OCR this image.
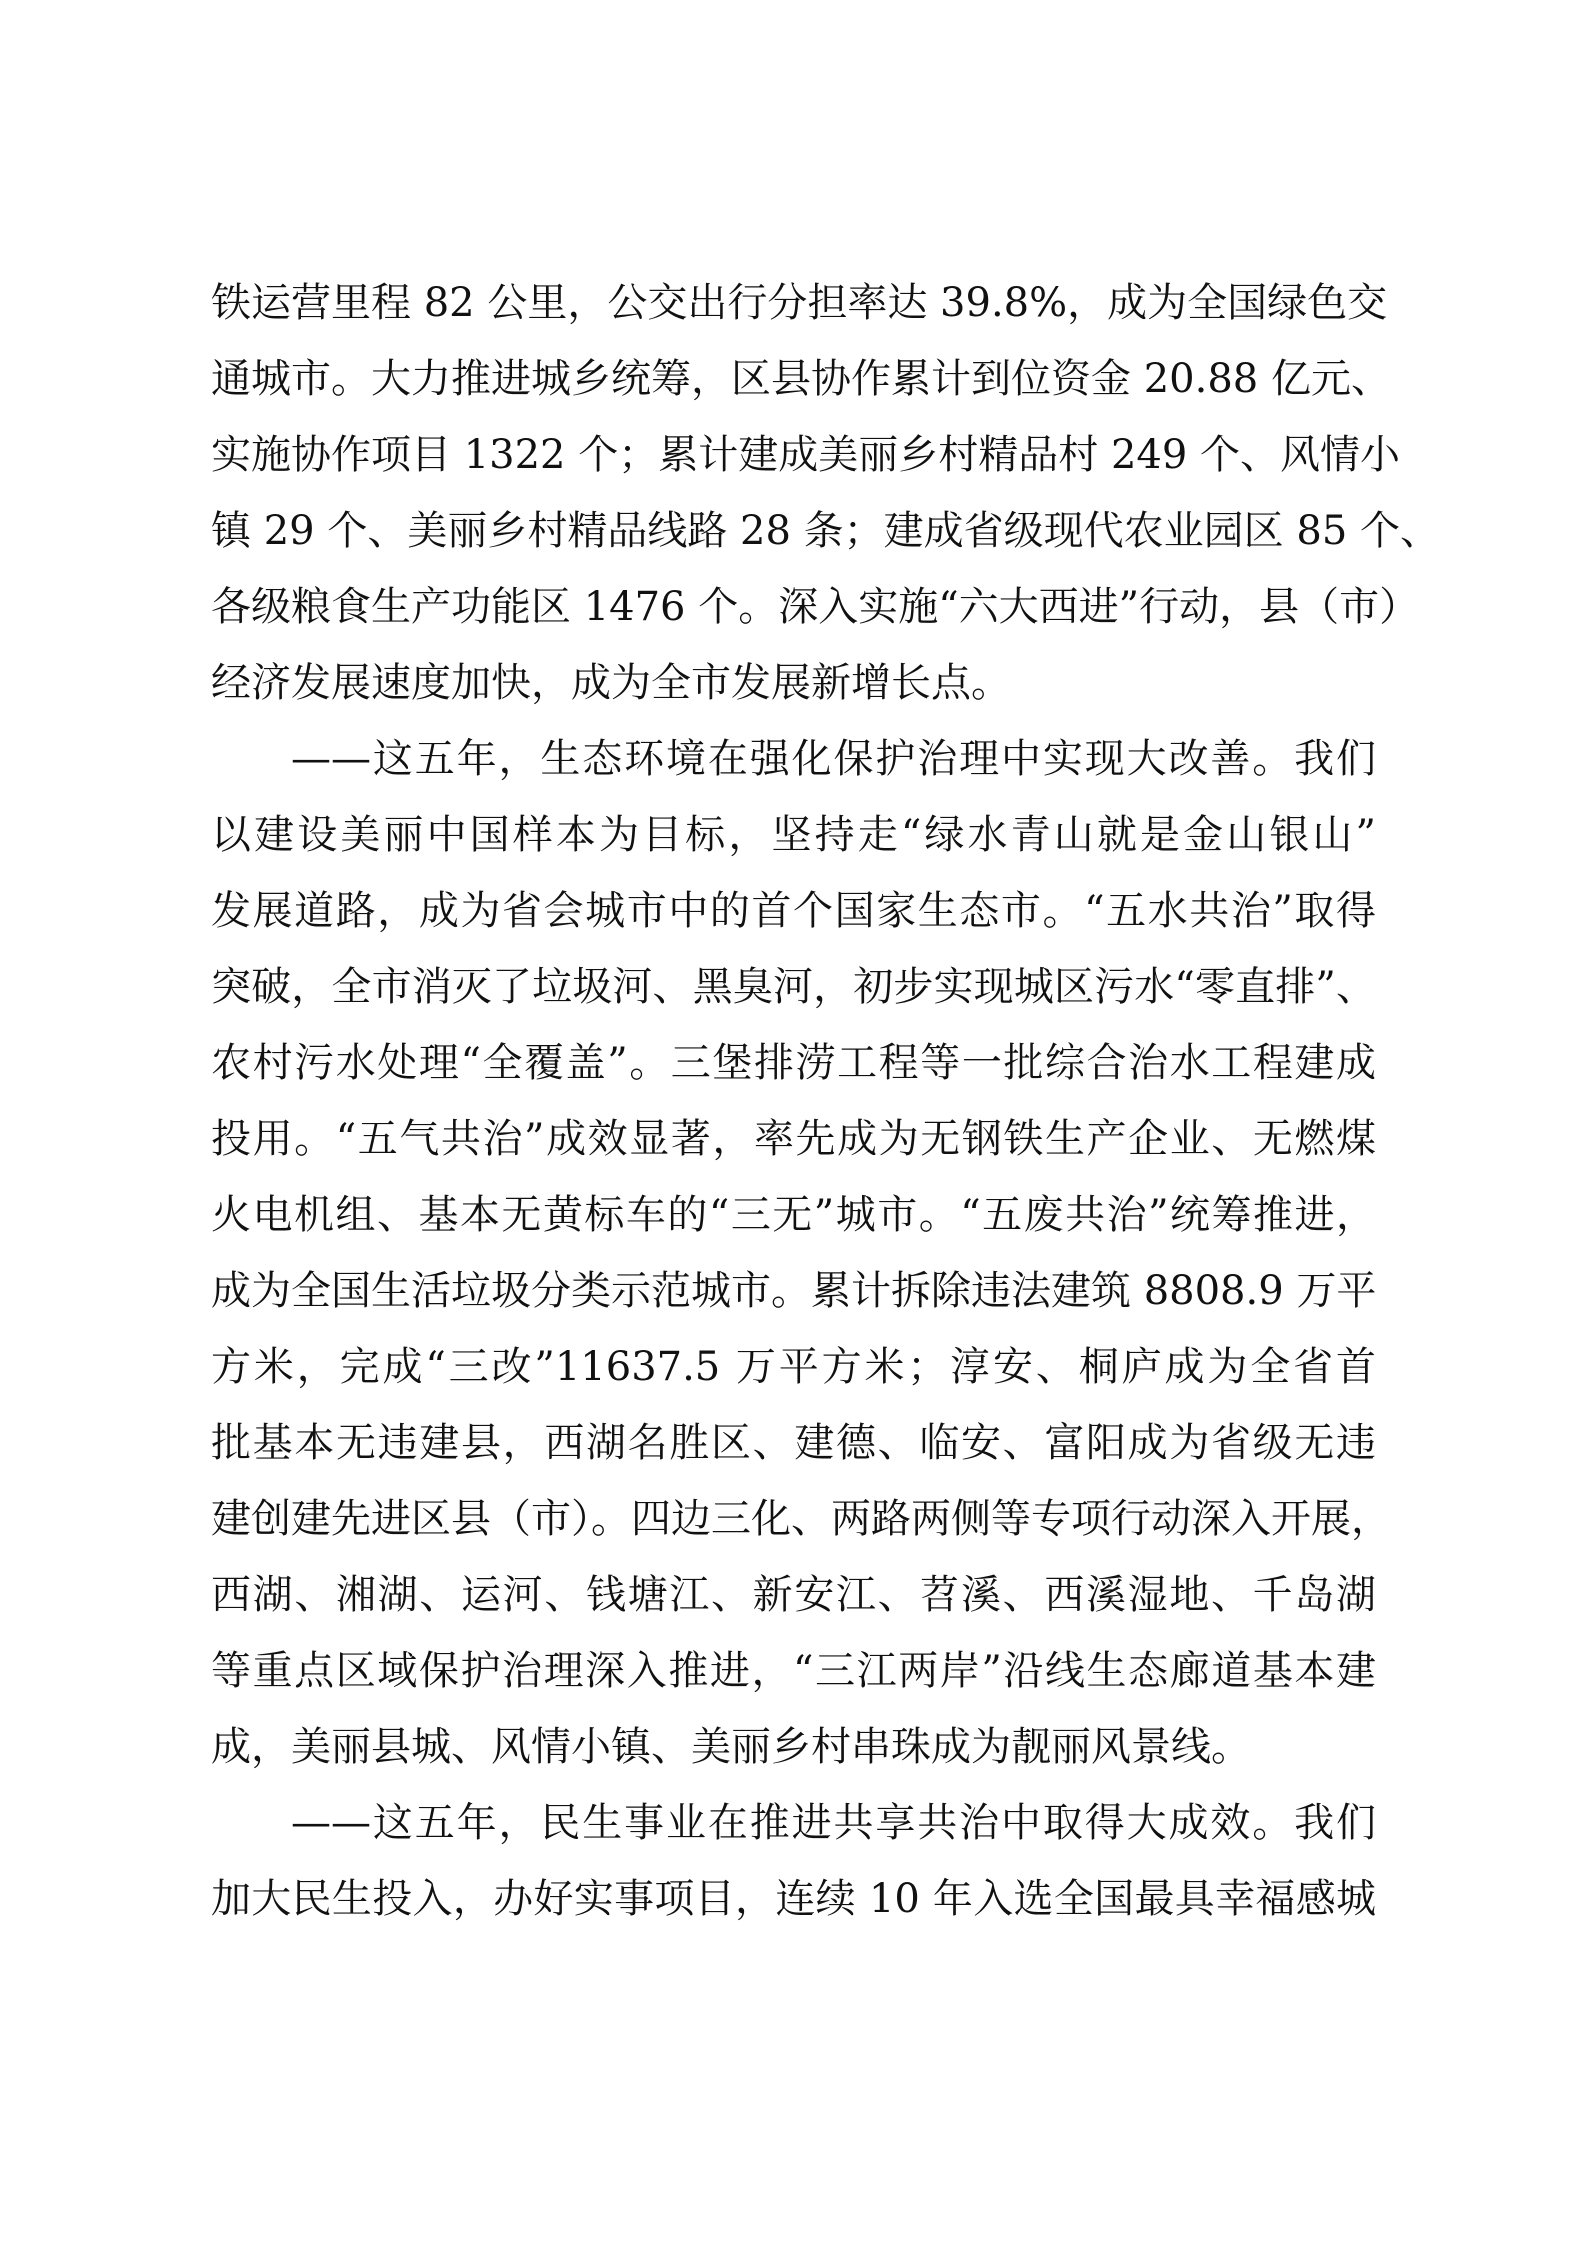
铁运营里程 82 公里，公交出行分担率达 39.8%，成为全国绿色交
通城市。大力推进城乡统筹，区县协作累计到位资金 20.88 亿元、
实施协作项目 1322 个；累计建成美丽乡村精品村 249 个、风情小
镇 29 个、美丽乡村精品线路 28 条；建成省级现代农业园区 85 个、
各级粮食生产功能区 1476 个。深入实施“六大西进”行动，县（市）
经济发展速度加快，成为全市发展新增长点。
——这五年，生态环境在强化保护治理中实现大改善。我们
以建设美丽中国样本为目标，坚持走“绿水青山就是金山银山”
发展道路，成为省会城市中的首个国家生态市。“五水共治”取得
突破，全市消灭了垃圾河、黑臭河，初步实现城区污水“零直排”、
农村污水处理“全覆盖”。三堡排涝工程等一批综合治水工程建成
投用。“五气共治”成效显著，率先成为无钢铁生产企业、无燃煤
火电机组、基本无黄标车的“三无”城市。“五废共治”统筹推进，
成为全国生活垃圾分类示范城市。累计拆除违法建筑 8808.9 万平
方米，完成“三改”11637.5 万平方米；淳安、桐庐成为全省首
批基本无违建县，西湖名胜区、建德、临安、富阳成为省级无违
建创建先进区县（市）。四边三化、两路两侧等专项行动深入开展，
西湖、湘湖、运河、钱塘江、新安江、苕溪、西溪湿地、千岛湖
等重点区域保护治理深入推进，“三江两岸”沿线生态廊道基本建
成，美丽县城、风情小镇、美丽乡村串珠成为靓丽风景线。
——这五年，民生事业在推进共享共治中取得大成效。我们
加大民生投入，办好实事项目，连续 10 年入选全国最具幸福感城
